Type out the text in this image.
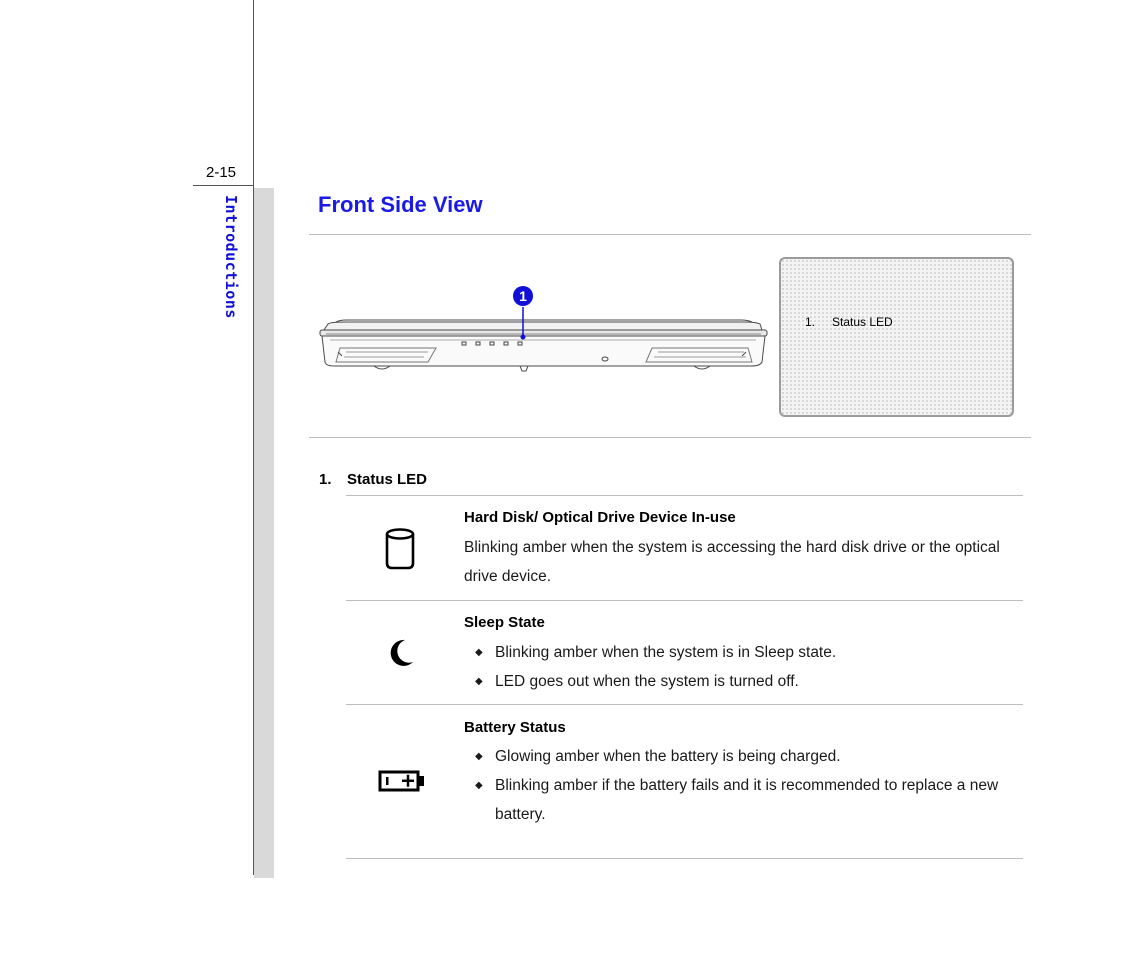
2-15
Introductions	Front Side View
1
1. Status LED
1. Status LED
Hard Disk/ Optical Drive Device In-use
Blinking amber when the system is accessing the hard disk drive or the optical drive device.
Sleep State
◆ Blinking amber when the system is in Sleep state.
◆ LED goes out when the system is turned off.
Battery Status
◆ Glowing amber when the battery is being charged.
◆ Blinking amber if the battery fails and it is recommended to replace a new battery.
